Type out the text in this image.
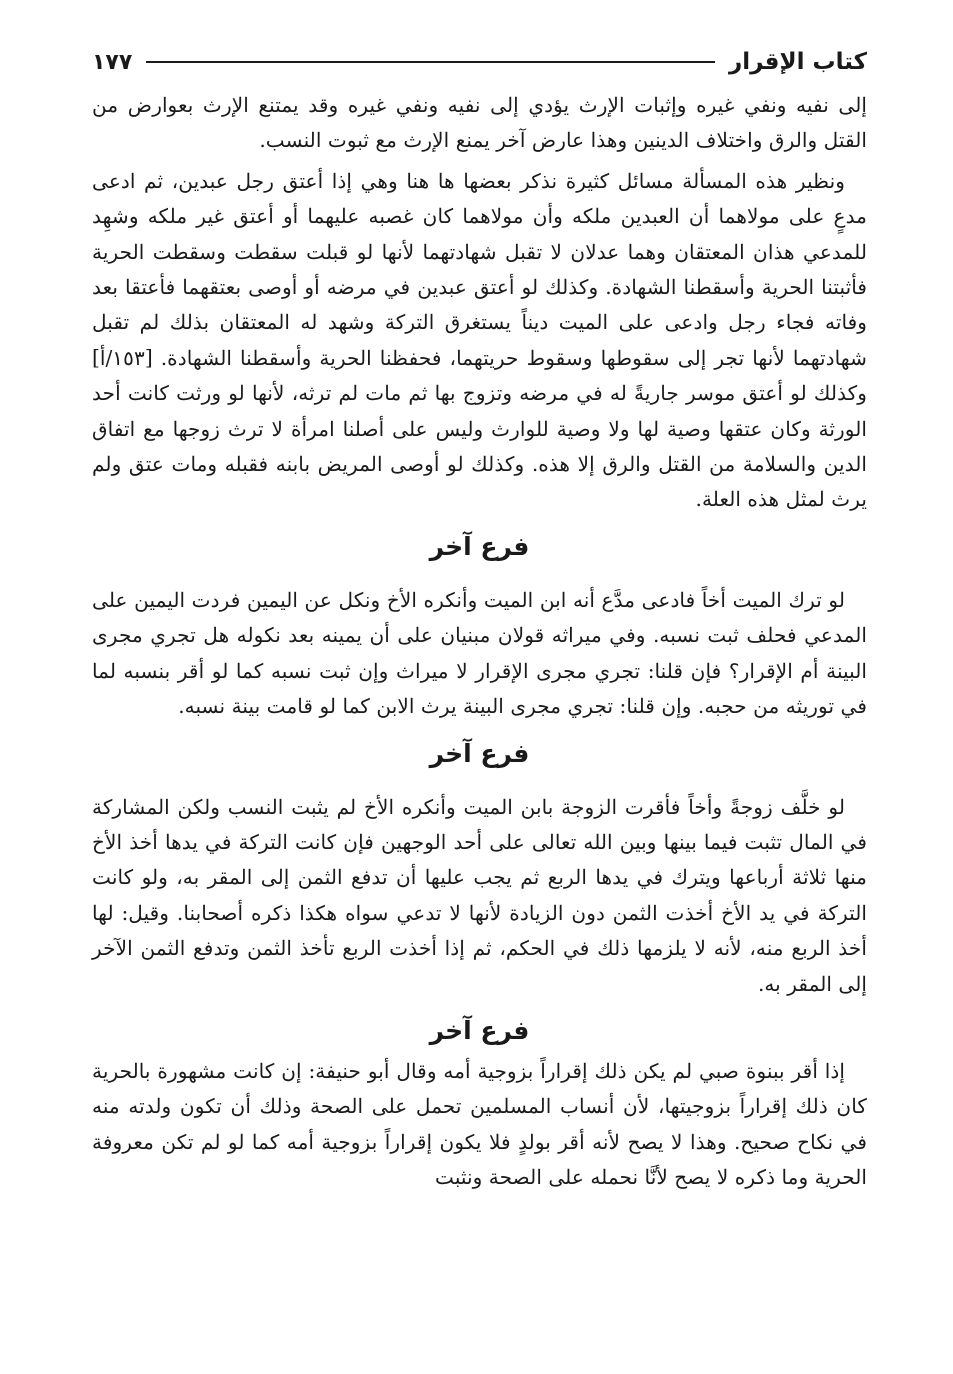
كتاب الإقرار
١٧٧

إلى نفيه ونفي غيره وإثبات الإرث يؤدي إلى نفيه ونفي غيره وقد يمتنع الإرث بعوارض من القتل والرق واختلاف الدينين وهذا عارض آخر يمنع الإرث مع ثبوت النسب.

ونظير هذه المسألة مسائل كثيرة نذكر بعضها ها هنا وهي إذا أعتق رجل عبدين، ثم ادعى مدعٍ على مولاهما أن العبدين ملكه وأن مولاهما كان غصبه عليهما أو أعتق غير ملكه وشهِد للمدعي هذان المعتقان وهما عدلان لا تقبل شهادتهما لأنها لو قبلت سقطت وسقطت الحرية فأثبتنا الحرية وأسقطنا الشهادة. وكذلك لو أعتق عبدين في مرضه أو أوصى بعتقهما فأعتقا بعد وفاته فجاء رجل وادعى على الميت ديناً يستغرق التركة وشهد له المعتقان بذلك لم تقبل شهادتهما لأنها تجر إلى سقوطها وسقوط حريتهما، فحفظنا الحرية وأسقطنا الشهادة. [١٥٣/أ] وكذلك لو أعتق موسر جاريةً له في مرضه وتزوج بها ثم مات لم ترثه، لأنها لو ورثت كانت أحد الورثة وكان عتقها وصية لها ولا وصية للوارث وليس على أصلنا امرأة لا ترث زوجها مع اتفاق الدين والسلامة من القتل والرق إلا هذه. وكذلك لو أوصى المريض بابنه فقبله ومات عتق ولم يرث لمثل هذه العلة.

فرع آخر

لو ترك الميت أخاً فادعى مدَّع أنه ابن الميت وأنكره الأخ ونكل عن اليمين فردت اليمين على المدعي فحلف ثبت نسبه. وفي ميراثه قولان مبنيان على أن يمينه بعد نكوله هل تجري مجرى البينة أم الإقرار؟ فإن قلنا: تجري مجرى الإقرار لا ميراث وإن ثبت نسبه كما لو أقر بنسبه لما في توريثه من حجبه. وإن قلنا: تجري مجرى البينة يرث الابن كما لو قامت بينة نسبه.

فرع آخر

لو خلَّف زوجةً وأخاً فأقرت الزوجة بابن الميت وأنكره الأخ لم يثبت النسب ولكن المشاركة في المال تثبت فيما بينها وبين الله تعالى على أحد الوجهين فإن كانت التركة في يدها أخذ الأخ منها ثلاثة أرباعها ويترك في يدها الربع ثم يجب عليها أن تدفع الثمن إلى المقر به، ولو كانت التركة في يد الأخ أخذت الثمن دون الزيادة لأنها لا تدعي سواه هكذا ذكره أصحابنا. وقيل: لها أخذ الربع منه، لأنه لا يلزمها ذلك في الحكم، ثم إذا أخذت الربع تأخذ الثمن وتدفع الثمن الآخر إلى المقر به.

فرع آخر

إذا أقر ببنوة صبي لم يكن ذلك إقراراً بزوجية أمه وقال أبو حنيفة: إن كانت مشهورة بالحرية كان ذلك إقراراً بزوجيتها، لأن أنساب المسلمين تحمل على الصحة وذلك أن تكون ولدته منه في نكاح صحيح. وهذا لا يصح لأنه أقر بولدٍ فلا يكون إقراراً بزوجية أمه كما لو لم تكن معروفة الحرية وما ذكره لا يصح لأنَّا نحمله على الصحة ونثبت
